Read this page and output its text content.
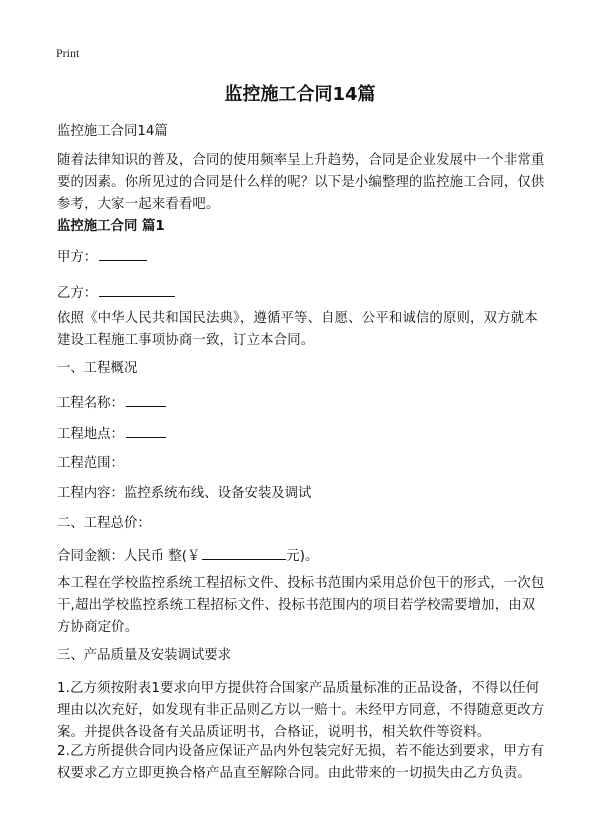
Print
监控施工合同14篇
监控施工合同14篇
随着法律知识的普及，合同的使用频率呈上升趋势，合同是企业发展中一个非常重要的因素。你所见过的合同是什么样的呢？以下是小编整理的监控施工合同，仅供参考，大家一起来看看吧。
监控施工合同 篇1
甲方：
乙方：
依照《中华人民共和国民法典》，遵循平等、自愿、公平和诚信的原则，双方就本建设工程施工事项协商一致，订立本合同。
一、工程概况
工程名称：
工程地点：
工程范围：
工程内容：监控系统布线、设备安装及调试
二、工程总价：
合同金额：人民币 整(￥	元)。
本工程在学校监控系统工程招标文件、投标书范围内采用总价包干的形式，一次包干,超出学校监控系统工程招标文件、投标书范围内的项目若学校需要增加，由双方协商定价。
三、产品质量及安装调试要求
1.乙方须按附表1要求向甲方提供符合国家产品质量标准的正品设备，不得以任何理由以次充好，如发现有非正品则乙方以一赔十。未经甲方同意，不得随意更改方案。并提供各设备有关品质证明书，合格证，说明书，相关软件等资料。
2.乙方所提供合同内设备应保证产品内外包装完好无损，若不能达到要求，甲方有权要求乙方立即更换合格产品直至解除合同。由此带来的一切损失由乙方负责。
